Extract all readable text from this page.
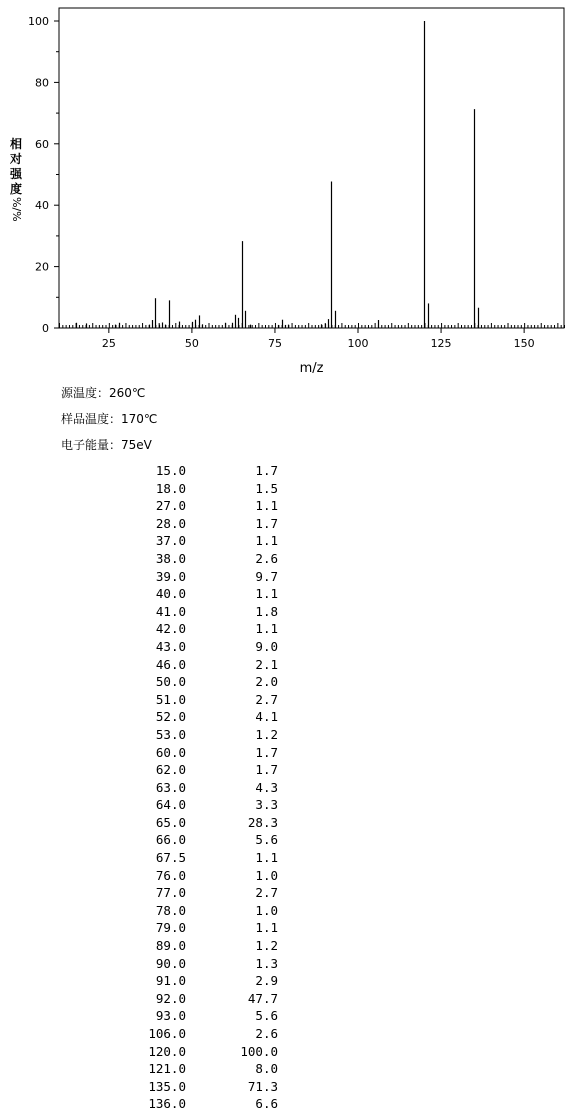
0
20
40
60
80
100
25	50	75	100	125	150
m/z
相
对
强
度
%/%
源温度：260℃
样品温度：170℃
电子能量：75eV
15.0	1.7
18.0	1.5
27.0	1.1
28.0	1.7
37.0	1.1
38.0	2.6
39.0	9.7
40.0	1.1
41.0	1.8
42.0	1.1
43.0	9.0
46.0	2.1
50.0	2.0
51.0	2.7
52.0	4.1
53.0	1.2
60.0	1.7
62.0	1.7
63.0	4.3
64.0	3.3
65.0	28.3
66.0	5.6
67.5	1.1
76.0	1.0
77.0	2.7
78.0	1.0
79.0	1.1
89.0	1.2
90.0	1.3
91.0	2.9
92.0	47.7
93.0	5.6
106.0	2.6
120.0	100.0
121.0	8.0
135.0	71.3
136.0	6.6
